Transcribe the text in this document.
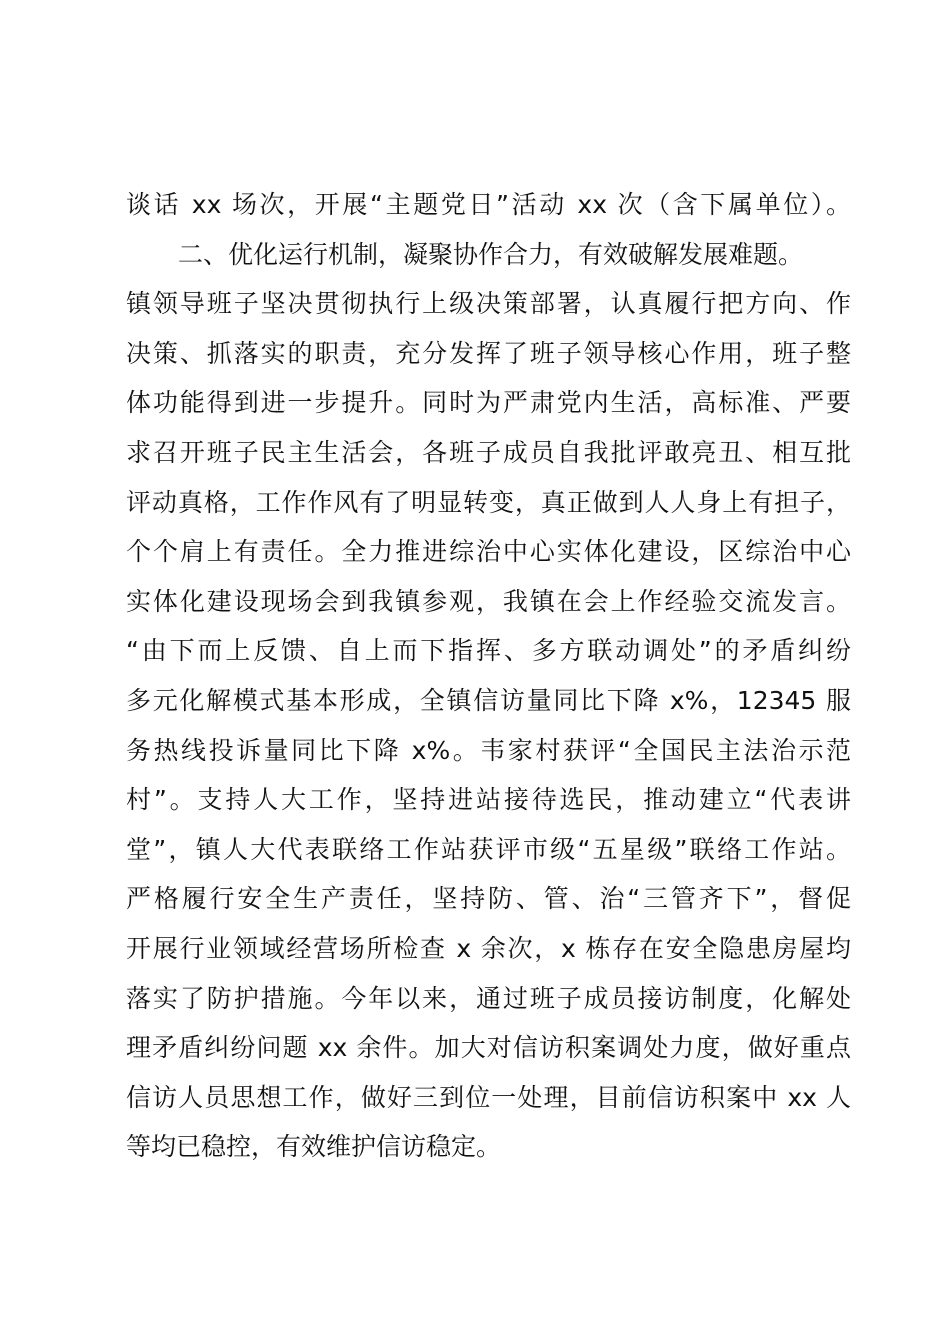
谈话 xx 场次，开展“主题党日”活动 xx 次（含下属单位）。
二、优化运行机制，凝聚协作合力，有效破解发展难题。
镇领导班子坚决贯彻执行上级决策部署，认真履行把方向、作
决策、抓落实的职责，充分发挥了班子领导核心作用，班子整
体功能得到进一步提升。同时为严肃党内生活，高标准、严要
求召开班子民主生活会，各班子成员自我批评敢亮丑、相互批
评动真格，工作作风有了明显转变，真正做到人人身上有担子，
个个肩上有责任。全力推进综治中心实体化建设，区综治中心
实体化建设现场会到我镇参观，我镇在会上作经验交流发言。
“由下而上反馈、自上而下指挥、多方联动调处”的矛盾纠纷
多元化解模式基本形成，全镇信访量同比下降 x%，12345 服
务热线投诉量同比下降 x%。韦家村获评“全国民主法治示范
村”。支持人大工作，坚持进站接待选民，推动建立“代表讲
堂”，镇人大代表联络工作站获评市级“五星级”联络工作站。
严格履行安全生产责任，坚持防、管、治“三管齐下”，督促
开展行业领域经营场所检查 x 余次，x 栋存在安全隐患房屋均
落实了防护措施。今年以来，通过班子成员接访制度，化解处
理矛盾纠纷问题 xx 余件。加大对信访积案调处力度，做好重点
信访人员思想工作，做好三到位一处理，目前信访积案中 xx 人
等均已稳控，有效维护信访稳定。
